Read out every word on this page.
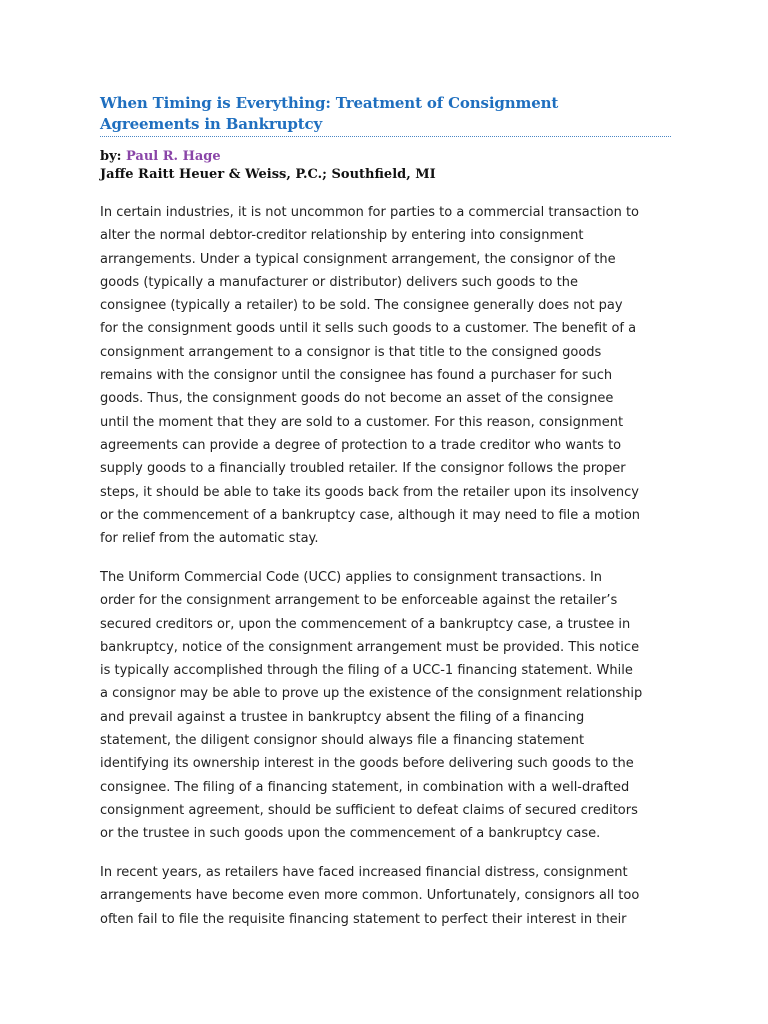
When Timing is Everything: Treatment of Consignment
Agreements in Bankruptcy
by: Paul R. Hage
Jaffe Raitt Heuer & Weiss, P.C.; Southfield, MI
In certain industries, it is not uncommon for parties to a commercial transaction to
alter the normal debtor-creditor relationship by entering into consignment
arrangements. Under a typical consignment arrangement, the consignor of the
goods (typically a manufacturer or distributor) delivers such goods to the
consignee (typically a retailer) to be sold. The consignee generally does not pay
for the consignment goods until it sells such goods to a customer. The benefit of a
consignment arrangement to a consignor is that title to the consigned goods
remains with the consignor until the consignee has found a purchaser for such
goods. Thus, the consignment goods do not become an asset of the consignee
until the moment that they are sold to a customer. For this reason, consignment
agreements can provide a degree of protection to a trade creditor who wants to
supply goods to a financially troubled retailer. If the consignor follows the proper
steps, it should be able to take its goods back from the retailer upon its insolvency
or the commencement of a bankruptcy case, although it may need to file a motion
for relief from the automatic stay.
The Uniform Commercial Code (UCC) applies to consignment transactions. In
order for the consignment arrangement to be enforceable against the retailer’s
secured creditors or, upon the commencement of a bankruptcy case, a trustee in
bankruptcy, notice of the consignment arrangement must be provided. This notice
is typically accomplished through the filing of a UCC-1 financing statement. While
a consignor may be able to prove up the existence of the consignment relationship
and prevail against a trustee in bankruptcy absent the filing of a financing
statement, the diligent consignor should always file a financing statement
identifying its ownership interest in the goods before delivering such goods to the
consignee. The filing of a financing statement, in combination with a well-drafted
consignment agreement, should be sufficient to defeat claims of secured creditors
or the trustee in such goods upon the commencement of a bankruptcy case.
In recent years, as retailers have faced increased financial distress, consignment
arrangements have become even more common. Unfortunately, consignors all too
often fail to file the requisite financing statement to perfect their interest in their
